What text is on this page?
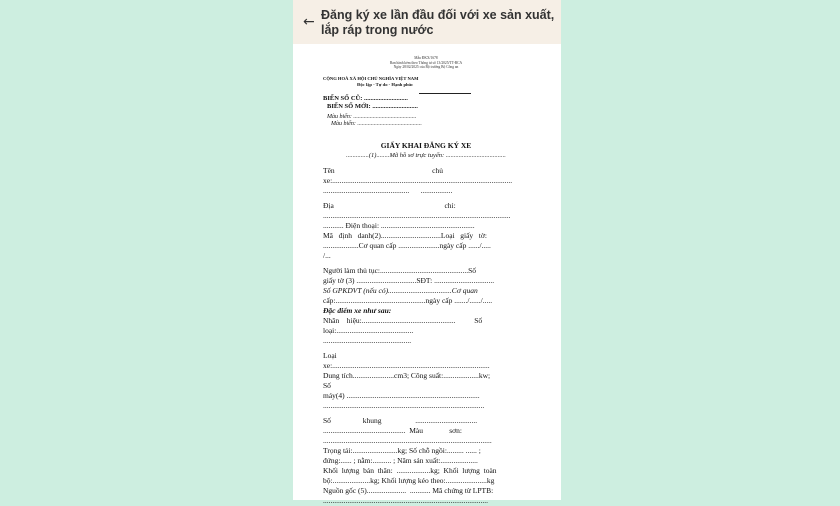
← Đăng ký xe lần đầu đối với xe sản xuất, lắp ráp trong nước
Mẫu ĐKX/1678
Ban hành kèm theo Thông tư số 13/2025/TT-BCA
Ngày 28/02/2025 của Bộ trưởng Bộ Công an
CỘNG HOÀ XÃ HỘI CHỦ NGHĨA VIỆT NAM
Độc lập - Tự do - Hạnh phúc
BIỂN SỐ CŨ: ...........................
BIỂN SỐ MỚI: ............................
Màu biển: ..........................................
Màu biển: ...........................................
GIẤY KHAI ĐĂNG KÝ XE
..............(1)........Mã hồ sơ trực tuyến: .....................................
Tên                                                    chủ
xe:................................................................................................
..............................................      .................
Địa                                                           chỉ:
....................................................................................................
........... Điện thoại: ..................................................
Mã   định   danh(2)................................Loại   giấy   tờ:
...................Cơ quan cấp ......................ngày cấp ....../.....
/...
Người làm thủ tục:...............................................Số
giấy tờ (3) ................................SĐT: ................................
Số GPKDVT (nếu có)..................................Cơ quan
cấp:................................................ngày cấp ......./....../.....
Đặc điểm xe như sau:
Nhãn    hiệu:..................................................          Số
loại:.........................................
...............................................
Loại
xe:....................................................................................
Dung tích......................cm3; Công suất:...................kw;
Số
máy(4) .......................................................................
......................................................................................
Số                 khung                  .................................
............................................  Màu              sơn:
..........................................................................................
Trọng tải:........................kg; Số chỗ ngồi:......... ...... ;
đứng:...... ; nằm:.......... ; Năm sản xuất:....................
Khối  lượng  bản  thân:  ..................kg;  Khối  lượng  toàn
bộ:....................kg; Khối lượng kéo theo:......................kg
Nguồn gốc (5).....................  ........... Mã chứng từ LPTB:
........................................................................................
